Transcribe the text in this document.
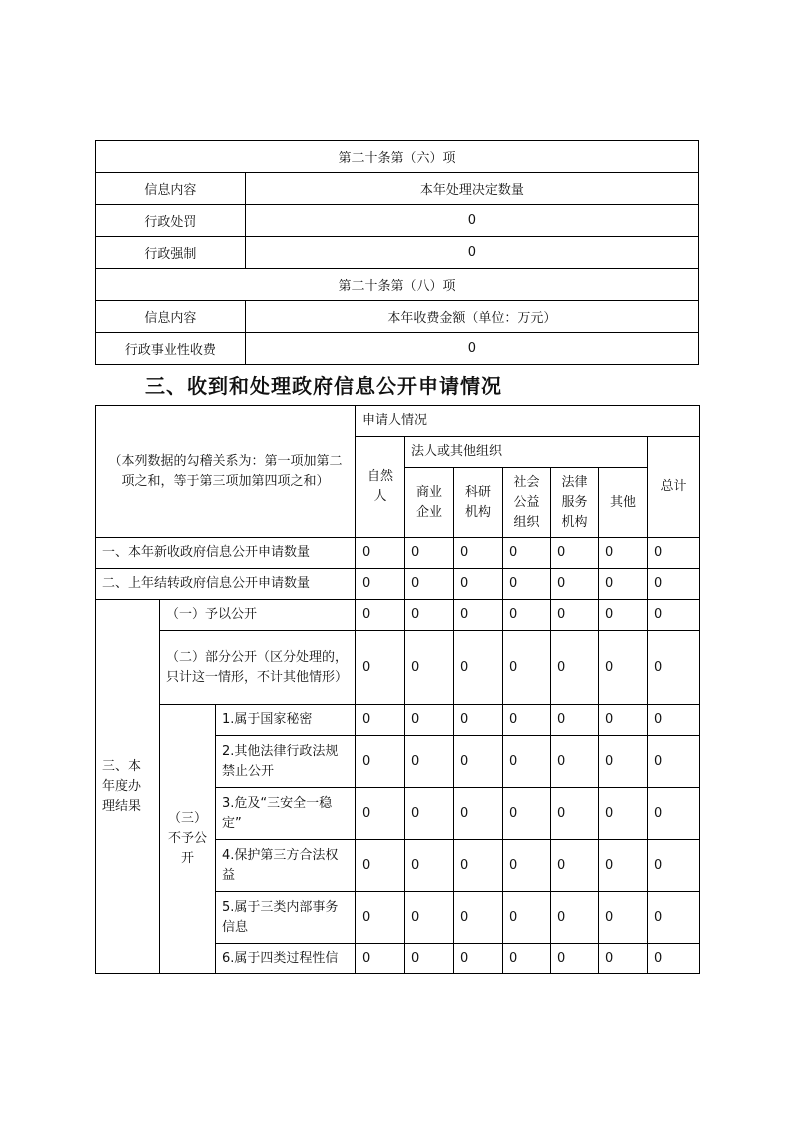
第二十条第（六）项	
信息内容	本年处理决定数量
行政处罚	0
行政强制	0
第二十条第（八）项	
信息内容	本年收费金额（单位：万元）
行政事业性收费	0
三、收到和处理政府信息公开申请情况
（本列数据的勾稽关系为：第一项加第二项之和，等于第三项加第四项之和）			申请人情况						
			自然人	法人或其他组织					总计
				商业企业	科研机构	社会公益组织	法律服务机构	其他	

一、本年新收政府信息公开申请数量			0	0	0	0	0	0	0
二、上年结转政府信息公开申请数量			0	0	0	0	0	0	0
三、本年度办理结果	（一）予以公开		0	0	0	0	0	0	0
	（二）部分公开（区分处理的，只计这一情形，不计其他情形）		0	0	0	0	0	0	0
	（三）不予公开	1.属于国家秘密	0	0	0	0	0	0	0
		2.其他法律行政法规禁止公开	0	0	0	0	0	0	0
		3.危及“三安全一稳定”	0	0	0	0	0	0	0
		4.保护第三方合法权益	0	0	0	0	0	0	0
		5.属于三类内部事务信息	0	0	0	0	0	0	0
		6.属于四类过程性信	0	0	0	0	0	0	0
